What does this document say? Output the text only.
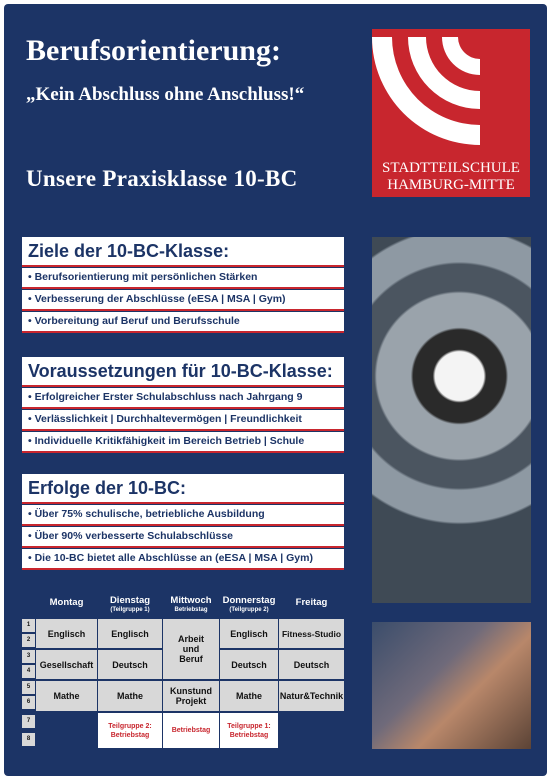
Berufsorientierung:
„Kein Abschluss ohne Anschluss!“
Unsere Praxisklasse 10-BC	STADTTEILSCHULE
HAMBURG-MITTE
Ziele der 10-BC-Klasse:
• Berufsorientierung mit persönlichen Stärken
• Verbesserung der Abschlüsse (eESA | MSA | Gym)
• Vorbereitung auf Beruf und Berufsschule
Voraussetzungen für 10-BC-Klasse:
• Erfolgreicher Erster Schulabschluss nach Jahrgang 9
• Verlässlichkeit | Durchhaltevermögen | Freundlichkeit
• Individuelle Kritikfähigkeit im Bereich Betrieb | Schule
Erfolge der 10-BC:
• Über 75% schulische, betriebliche Ausbildung
• Über 90% verbesserte Schulabschlüsse
• Die 10-BC bietet alle Abschlüsse an (eESA | MSA | Gym)
Montag	Dienstag
(Teilgruppe 1)
Mittwoch
Betriebstag
Donnerstag
(Teilgruppe 2)
Freitag
1
2
3
4
5
6
7
8
Englisch
Gesellschaft
Mathe
Englisch
Deutsch
Mathe
Teilgruppe 2: Betriebstag
Arbeit und Beruf
Kunstund Projekt
Betriebstag
Englisch
Deutsch
Mathe
Teilgruppe 1: Betriebstag
Fitness-Studio
Deutsch
Natur&Technik
